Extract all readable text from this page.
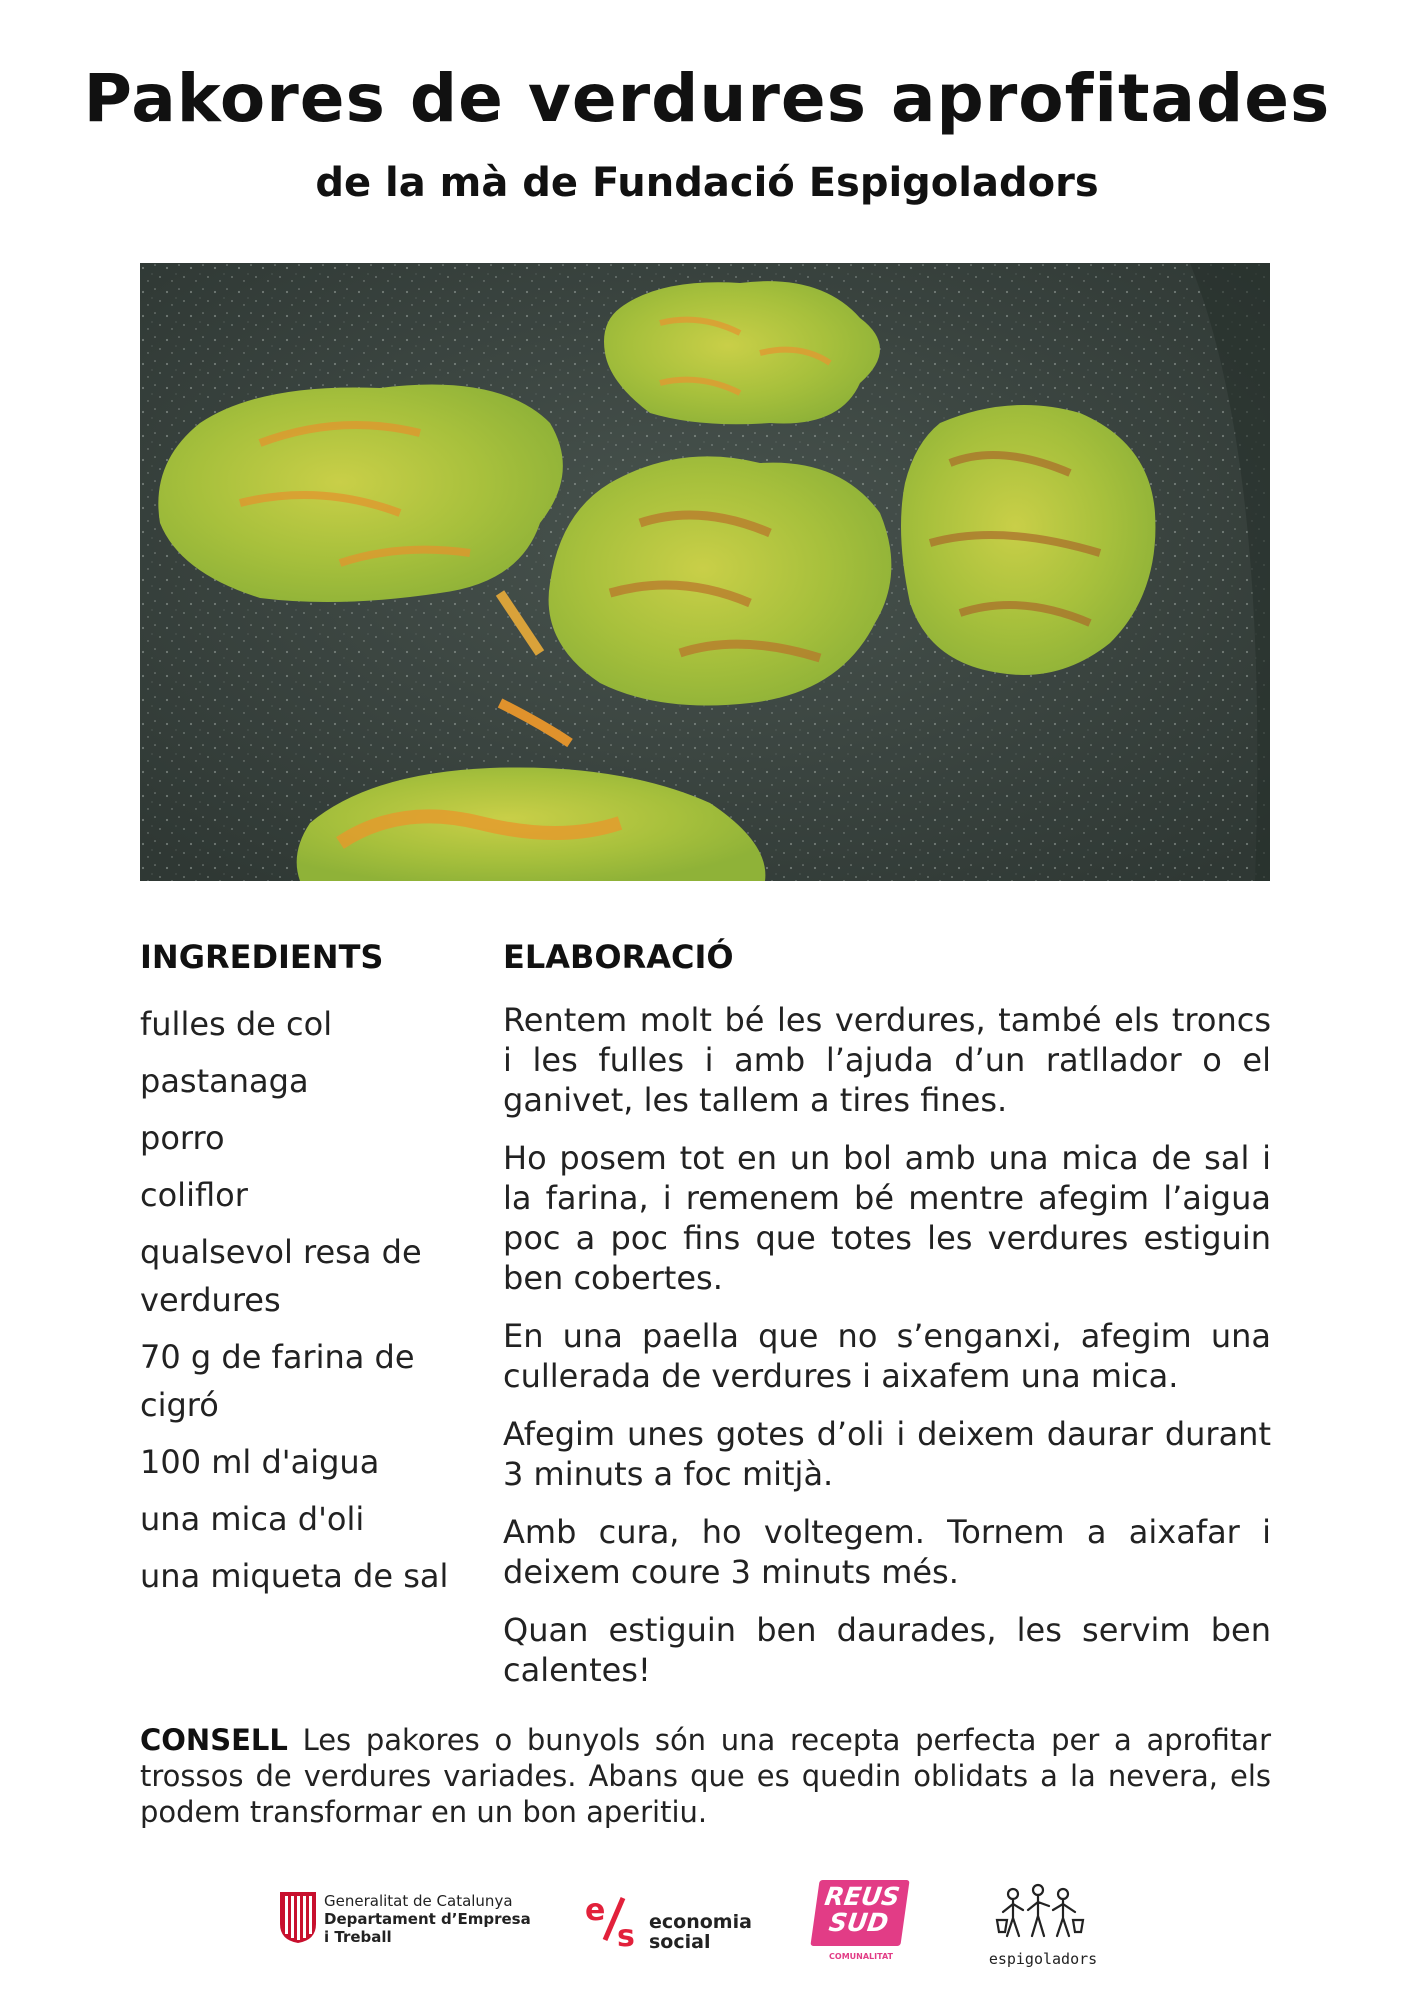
Pakores de verdures aprofitades
de la mà de Fundació Espigoladors
INGREDIENTS
fulles de col
pastanaga
porro
coliflor
qualsevol resa de verdures
70 g de farina de cigró
100 ml d'aigua
una mica d'oli
una miqueta de sal
ELABORACIÓ

Rentem molt bé les verdures, també els troncs i les fulles i amb l’ajuda d’un ratllador o el ganivet, les tallem a tires fines.

Ho posem tot en un bol amb una mica de sal i la farina, i remenem bé mentre afegim l’aigua poc a poc fins que totes les verdures estiguin ben cobertes.

En una paella que no s’enganxi, afegim una cullerada de verdures i aixafem una mica.

Afegim unes gotes d’oli i deixem daurar durant 3 minuts a foc mitjà.

Amb cura, ho voltegem. Tornem a aixafar i deixem coure 3 minuts més.

Quan estiguin ben daurades, les servim ben calentes!

CONSELL Les pakores o bunyols són una recepta perfecta per a aprofitar trossos de verdures variades. Abans que es quedin oblidats a la nevera, els podem transformar en un bon aperitiu.

Generalitat de Catalunya
Departament d’Empresa
i Treball
e
s economia
social
REUS
SUD
COMUNALITAT	espigoladors
